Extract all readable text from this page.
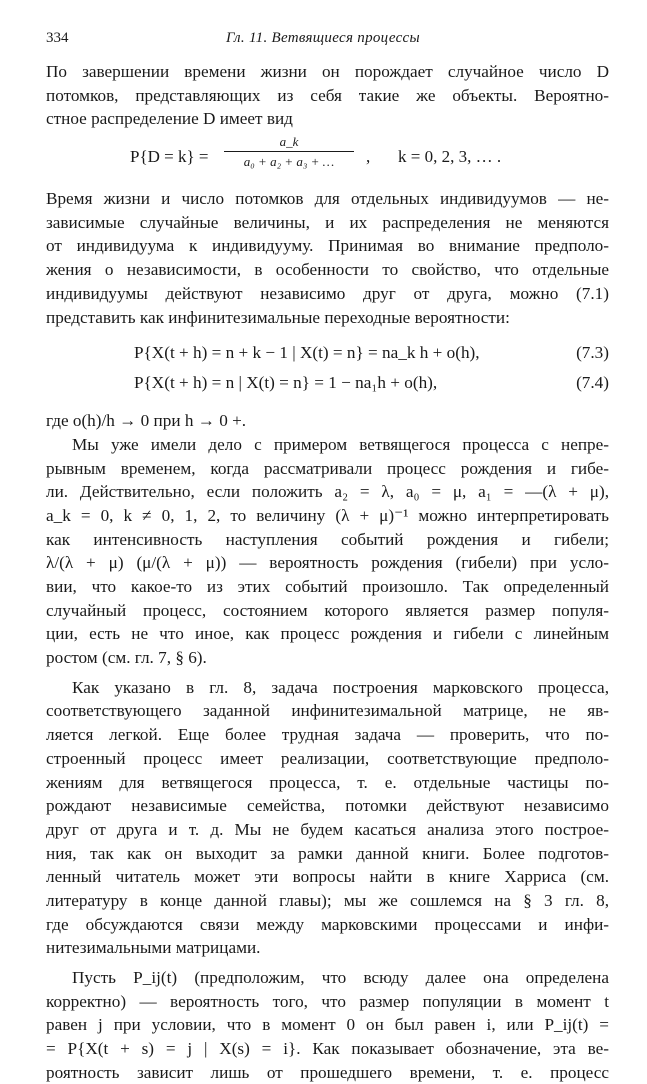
334	Гл. 11. Ветвящиеся процессы
По завершении времени жизни он порождает случайное число D
потомков, представляющих из себя такие же объекты. Вероятно-
стное распределение D имеет вид
P{D = k} =
a_k
a₀ + a₂ + a₃ + …	, k = 0, 2, 3, … .
Время жизни и число потомков для отдельных индивидуумов — не-
зависимые случайные величины, и их распределения не меняются
от индивидуума к индивидууму. Принимая во внимание предполо-
жения о независимости, в особенности то свойство, что отдельные
индивидуумы действуют независимо друг от друга, можно (7.1)
представить как инфинитезимальные переходные вероятности:
P{X(t + h) = n + k − 1 | X(t) = n} = na_k h + o(h),	(7.3)
P{X(t + h) = n | X(t) = n} = 1 − na₁h + o(h),	(7.4)
где o(h)/h → 0 при h → 0 +.
Мы уже имели дело с примером ветвящегося процесса с непре-
рывным временем, когда рассматривали процесс рождения и гибе-
ли. Действительно, если положить a₂ = λ, a₀ = μ, a₁ = —(λ + μ),
a_k = 0, k ≠ 0, 1, 2, то величину (λ + μ)⁻¹ можно интерпретировать
как интенсивность наступления событий рождения и гибели;
λ/(λ + μ) (μ/(λ + μ)) — вероятность рождения (гибели) при усло-
вии, что какое-то из этих событий произошло. Так определенный
случайный процесс, состоянием которого является размер популя-
ции, есть не что иное, как процесс рождения и гибели с линейным
ростом (см. гл. 7, § 6).
Как указано в гл. 8, задача построения марковского процесса,
соответствующего заданной инфинитезимальной матрице, не яв-
ляется легкой. Еще более трудная задача — проверить, что по-
строенный процесс имеет реализации, соответствующие предполо-
жениям для ветвящегося процесса, т. е. отдельные частицы по-
рождают независимые семейства, потомки действуют независимо
друг от друга и т. д. Мы не будем касаться анализа этого построе-
ния, так как он выходит за рамки данной книги. Более подготов-
ленный читатель может эти вопросы найти в книге Харриса (см.
литературу в конце данной главы); мы же сошлемся на § 3 гл. 8,
где обсуждаются связи между марковскими процессами и инфи-
нитезимальными матрицами.
Пусть P_ij(t) (предположим, что всюду далее она определена
корректно) — вероятность того, что размер популяции в момент t
равен j при условии, что в момент 0 он был равен i, или P_ij(t) =
= P{X(t + s) = j | X(s) = i}. Как показывает обозначение, эта ве-
роятность зависит лишь от прошедшего времени, т. е. процесс
